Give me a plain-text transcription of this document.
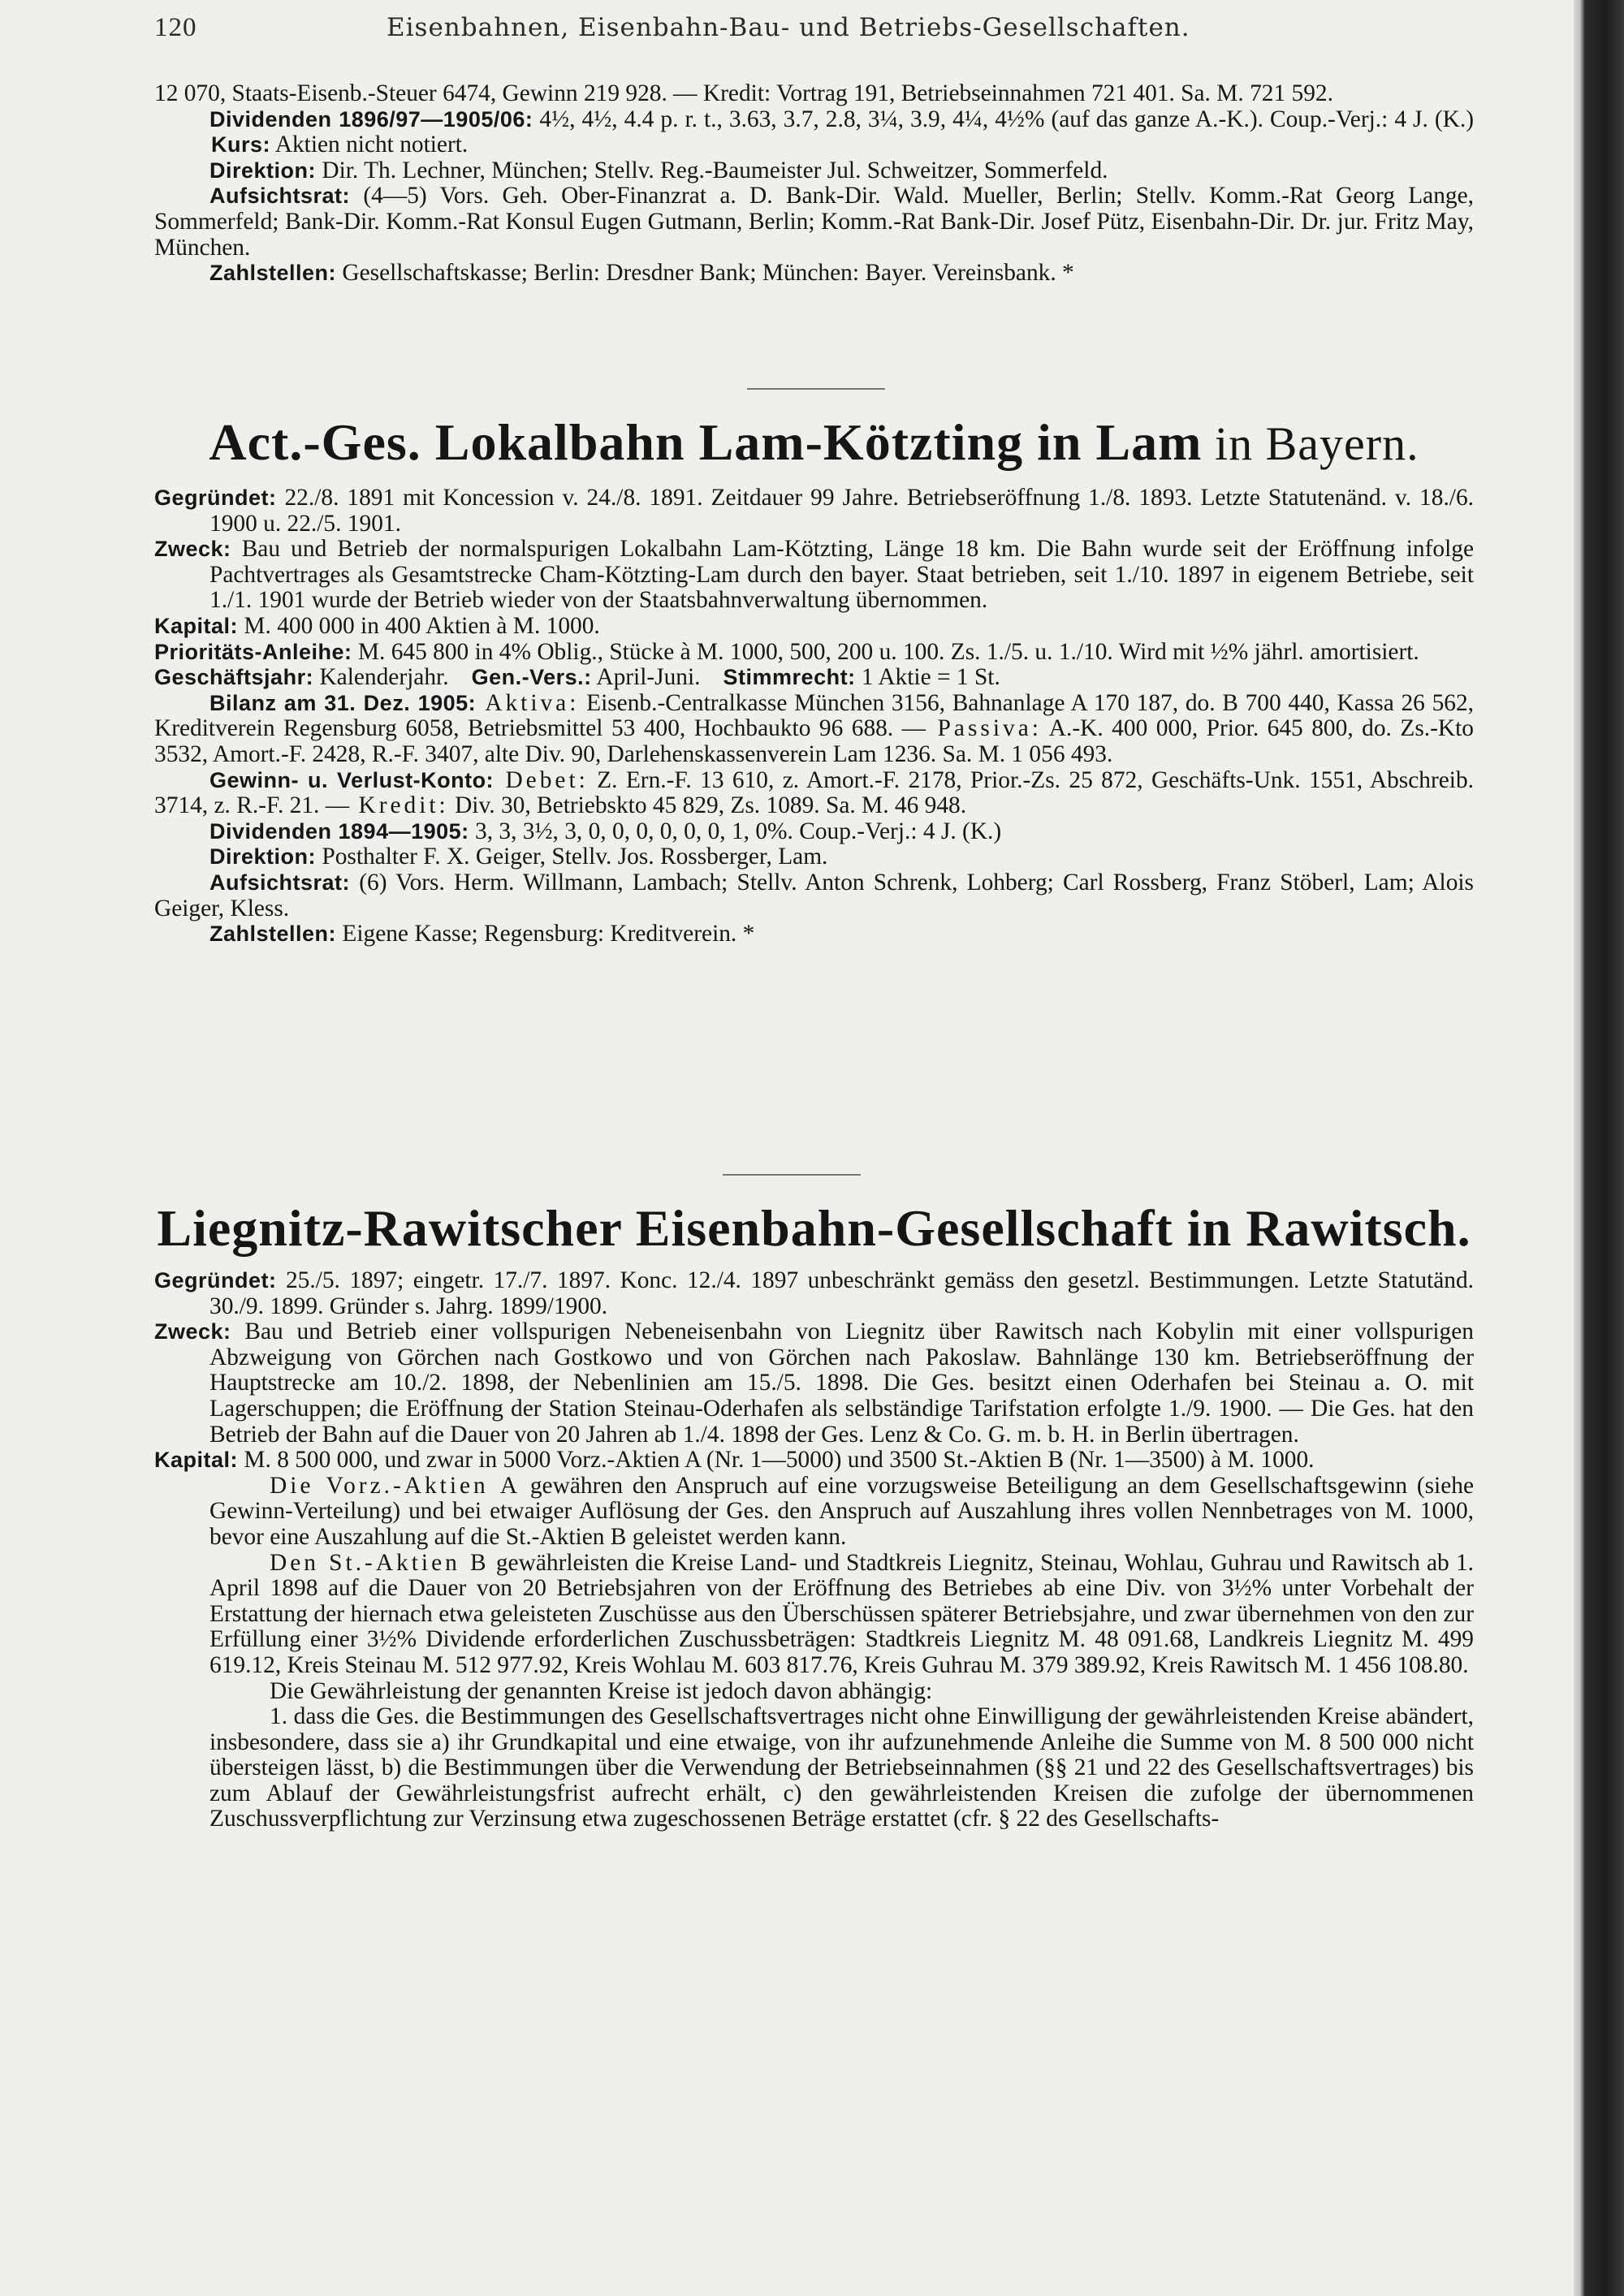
120	Eisenbahnen, Eisenbahn-Bau- und Betriebs-Gesellschaften.

12 070, Staats-Eisenb.-Steuer 6474, Gewinn 219 928. — Kredit: Vortrag 191, Betriebseinnahmen 721 401. Sa. M. 721 592.

Dividenden 1896/97—1905/06: 4½, 4½, 4.4 p. r. t., 3.63, 3.7, 2.8, 3¼, 3.9, 4¼, 4½% (auf das ganze A.-K.). Coup.-Verj.: 4 J. (K.)Kurs: Aktien nicht notiert.

Direktion: Dir. Th. Lechner, München; Stellv. Reg.-Baumeister Jul. Schweitzer, Sommerfeld.

Aufsichtsrat: (4—5) Vors. Geh. Ober-Finanzrat a. D. Bank-Dir. Wald. Mueller, Berlin; Stellv. Komm.-Rat Georg Lange, Sommerfeld; Bank-Dir. Komm.-Rat Konsul Eugen Gutmann, Berlin; Komm.-Rat Bank-Dir. Josef Pütz, Eisenbahn-Dir. Dr. jur. Fritz May, München.

Zahlstellen: Gesellschaftskasse; Berlin: Dresdner Bank; München: Bayer. Vereinsbank. *

Act.-Ges. Lokalbahn Lam-Kötzting in Lam in Bayern.

Gegründet: 22./8. 1891 mit Koncession v. 24./8. 1891. Zeitdauer 99 Jahre. Betriebseröffnung 1./8. 1893. Letzte Statutenänd. v. 18./6. 1900 u. 22./5. 1901.

Zweck: Bau und Betrieb der normalspurigen Lokalbahn Lam-Kötzting, Länge 18 km. Die Bahn wurde seit der Eröffnung infolge Pachtvertrages als Gesamtstrecke Cham-Kötzting-Lam durch den bayer. Staat betrieben, seit 1./10. 1897 in eigenem Betriebe, seit 1./1. 1901 wurde der Betrieb wieder von der Staatsbahnverwaltung übernommen.

Kapital: M. 400 000 in 400 Aktien à M. 1000.

Prioritäts-Anleihe: M. 645 800 in 4% Oblig., Stücke à M. 1000, 500, 200 u. 100. Zs. 1./5. u. 1./10. Wird mit ½% jährl. amortisiert.

Geschäftsjahr: Kalenderjahr. Gen.-Vers.: April-Juni. Stimmrecht: 1 Aktie = 1 St.

Bilanz am 31. Dez. 1905: Aktiva: Eisenb.-Centralkasse München 3156, Bahnanlage A 170 187, do. B 700 440, Kassa 26 562, Kreditverein Regensburg 6058, Betriebsmittel 53 400, Hochbaukto 96 688. — Passiva: A.-K. 400 000, Prior. 645 800, do. Zs.-Kto 3532, Amort.-F. 2428, R.-F. 3407, alte Div. 90, Darlehenskassenverein Lam 1236. Sa. M. 1 056 493.

Gewinn- u. Verlust-Konto: Debet: Z. Ern.-F. 13 610, z. Amort.-F. 2178, Prior.-Zs. 25 872, Geschäfts-Unk. 1551, Abschreib. 3714, z. R.-F. 21. — Kredit: Div. 30, Betriebskto 45 829, Zs. 1089. Sa. M. 46 948.

Dividenden 1894—1905: 3, 3, 3½, 3, 0, 0, 0, 0, 0, 0, 1, 0%. Coup.-Verj.: 4 J. (K.)

Direktion: Posthalter F. X. Geiger, Stellv. Jos. Rossberger, Lam.

Aufsichtsrat: (6) Vors. Herm. Willmann, Lambach; Stellv. Anton Schrenk, Lohberg; Carl Rossberg, Franz Stöberl, Lam; Alois Geiger, Kless.

Zahlstellen: Eigene Kasse; Regensburg: Kreditverein. *

Liegnitz-Rawitscher Eisenbahn-Gesellschaft in Rawitsch.

Gegründet: 25./5. 1897; eingetr. 17./7. 1897. Konc. 12./4. 1897 unbeschränkt gemäss den gesetzl. Bestimmungen. Letzte Statutänd. 30./9. 1899. Gründer s. Jahrg. 1899/1900.

Zweck: Bau und Betrieb einer vollspurigen Nebeneisenbahn von Liegnitz über Rawitsch nach Kobylin mit einer vollspurigen Abzweigung von Görchen nach Gostkowo und von Görchen nach Pakoslaw. Bahnlänge 130 km. Betriebseröffnung der Hauptstrecke am 10./2. 1898, der Nebenlinien am 15./5. 1898. Die Ges. besitzt einen Oderhafen bei Steinau a. O. mit Lagerschuppen; die Eröffnung der Station Steinau-Oderhafen als selbständige Tarifstation erfolgte 1./9. 1900. — Die Ges. hat den Betrieb der Bahn auf die Dauer von 20 Jahren ab 1./4. 1898 der Ges. Lenz & Co. G. m. b. H. in Berlin übertragen.

Kapital: M. 8 500 000, und zwar in 5000 Vorz.-Aktien A (Nr. 1—5000) und 3500 St.-Aktien B (Nr. 1—3500) à M. 1000.

Die Vorz.-Aktien A gewähren den Anspruch auf eine vorzugsweise Beteiligung an dem Gesellschaftsgewinn (siehe Gewinn-Verteilung) und bei etwaiger Auflösung der Ges. den Anspruch auf Auszahlung ihres vollen Nennbetrages von M. 1000, bevor eine Auszahlung auf die St.-Aktien B geleistet werden kann.

Den St.-Aktien B gewährleisten die Kreise Land- und Stadtkreis Liegnitz, Steinau, Wohlau, Guhrau und Rawitsch ab 1. April 1898 auf die Dauer von 20 Betriebsjahren von der Eröffnung des Betriebes ab eine Div. von 3½% unter Vorbehalt der Erstattung der hiernach etwa geleisteten Zuschüsse aus den Überschüssen späterer Betriebsjahre, und zwar übernehmen von den zur Erfüllung einer 3½% Dividende erforderlichen Zuschussbeträgen: Stadtkreis Liegnitz M. 48 091.68, Landkreis Liegnitz M. 499 619.12, Kreis Steinau M. 512 977.92, Kreis Wohlau M. 603 817.76, Kreis Guhrau M. 379 389.92, Kreis Rawitsch M. 1 456 108.80.

Die Gewährleistung der genannten Kreise ist jedoch davon abhängig:

1. dass die Ges. die Bestimmungen des Gesellschaftsvertrages nicht ohne Einwilligung der gewährleistenden Kreise abändert, insbesondere, dass sie a) ihr Grundkapital und eine etwaige, von ihr aufzunehmende Anleihe die Summe von M. 8 500 000 nicht übersteigen lässt, b) die Bestimmungen über die Verwendung der Betriebseinnahmen (§§ 21 und 22 des Gesellschaftsvertrages) bis zum Ablauf der Gewährleistungsfrist aufrecht erhält, c) den gewährleistenden Kreisen die zufolge der übernommenen Zuschussverpflichtung zur Verzinsung etwa zugeschossenen Beträge erstattet (cfr. § 22 des Gesellschafts-
